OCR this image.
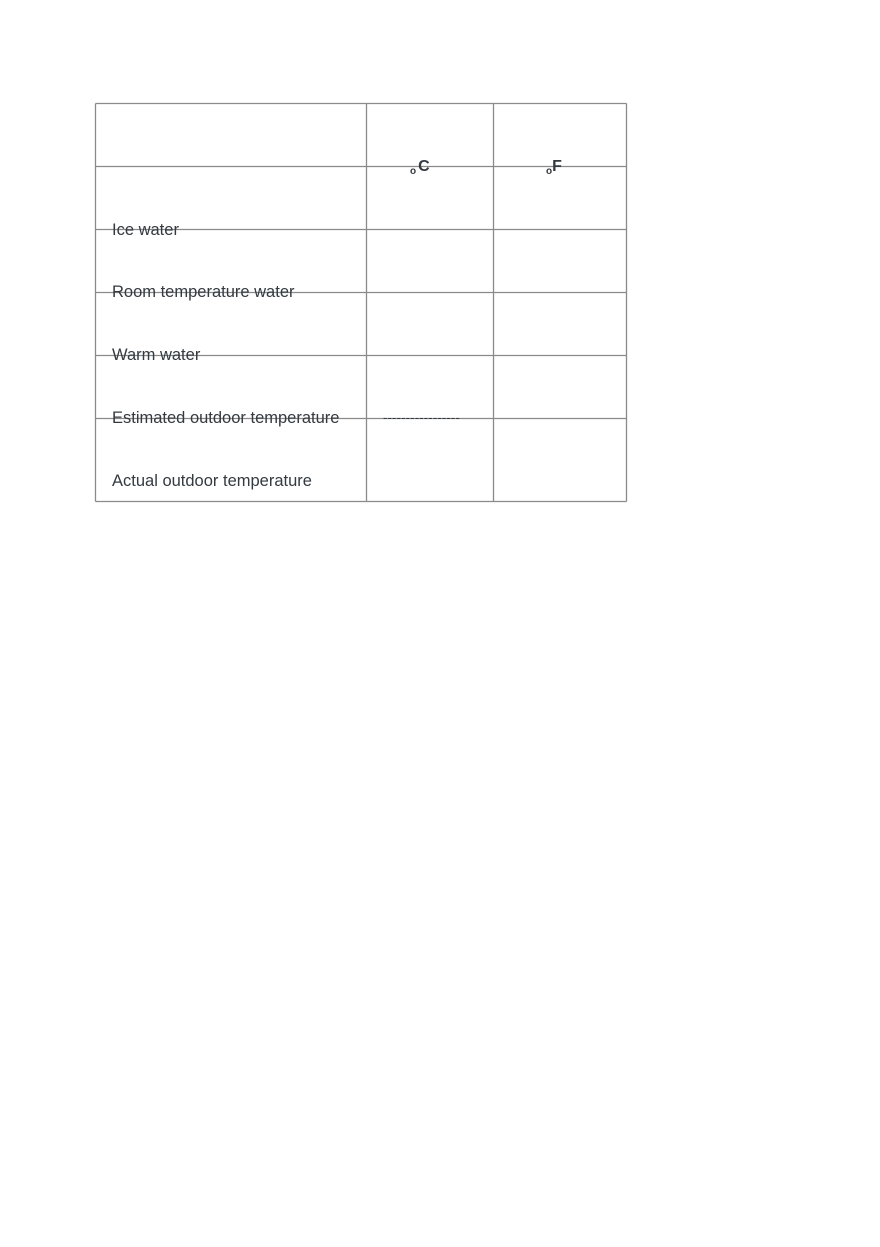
o C	oF
Ice water
Room temperature water
Warm water
Estimated outdoor temperature
Actual outdoor temperature
-----------------
